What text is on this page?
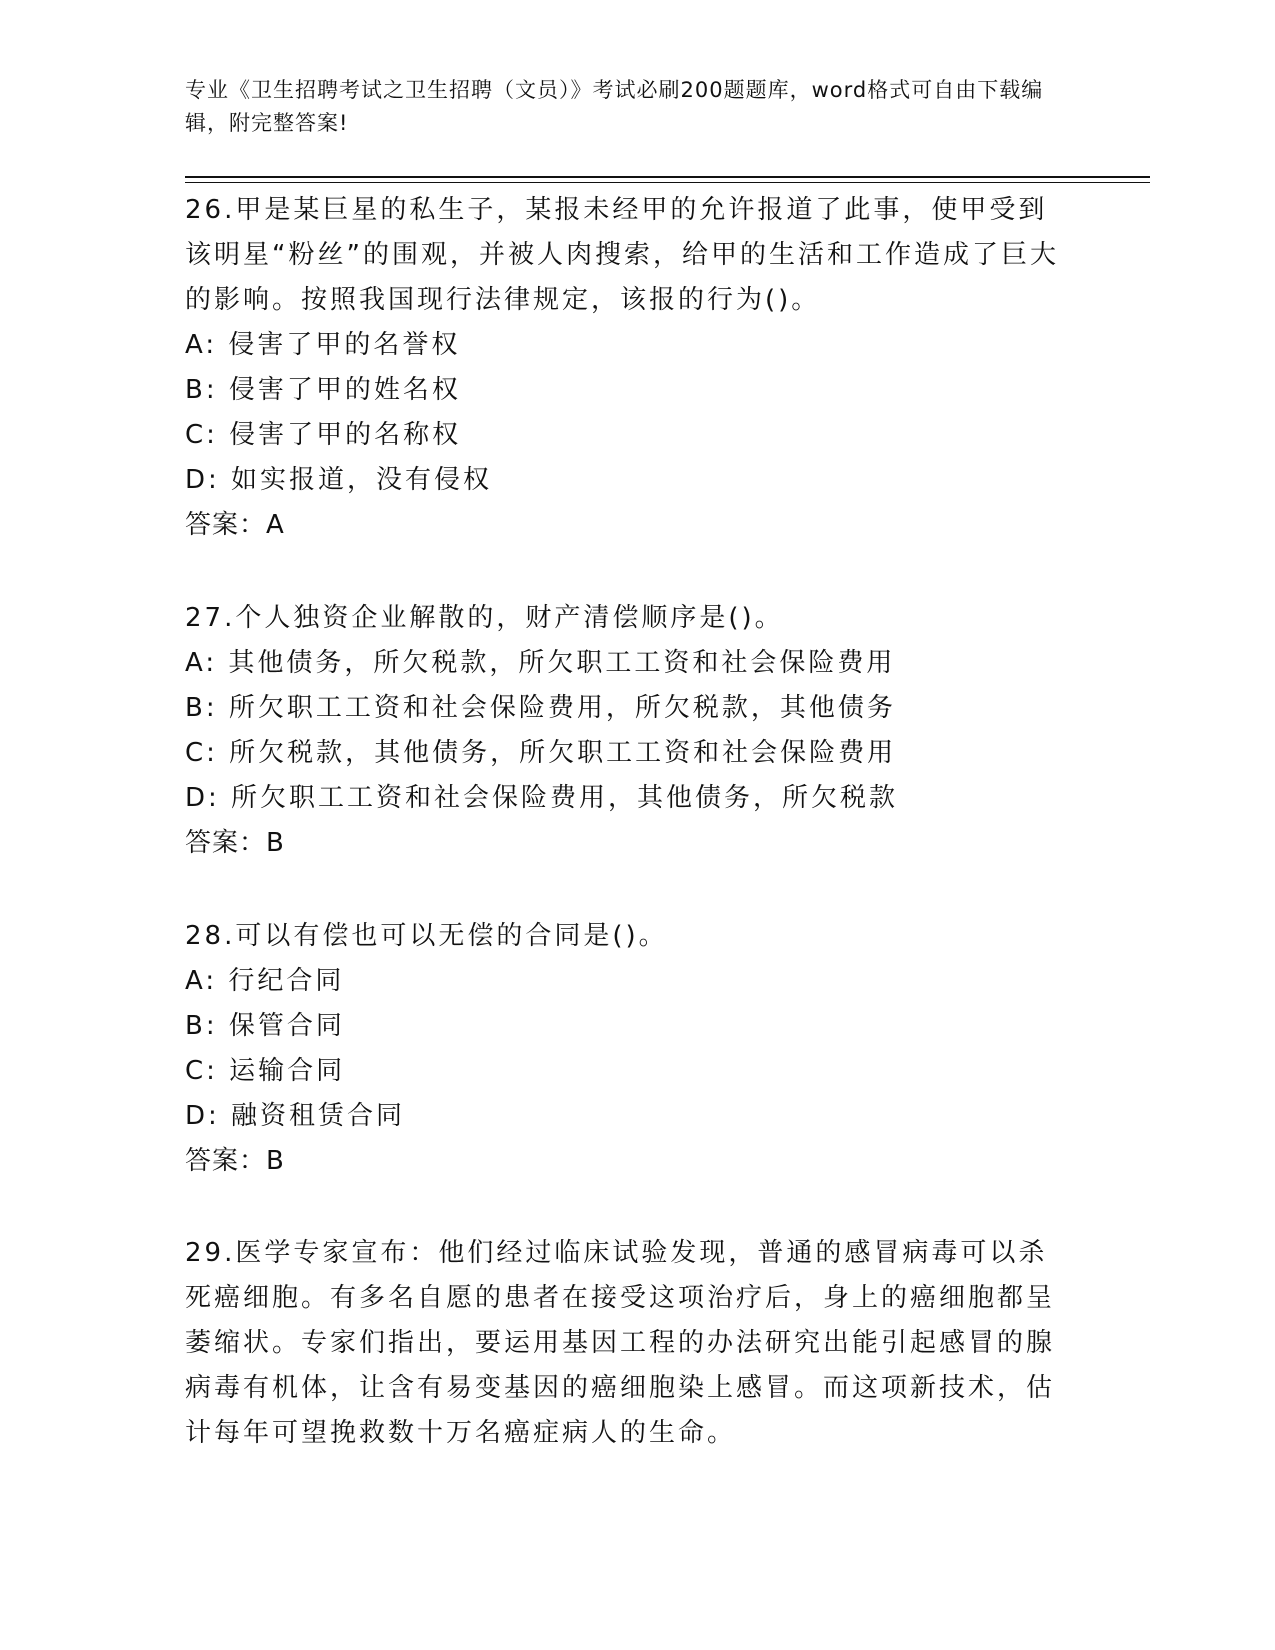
专业《卫生招聘考试之卫生招聘（文员）》考试必刷200题题库，word格式可自由下载编辑，附完整答案!

26.甲是某巨星的私生子，某报未经甲的允许报道了此事，使甲受到该明星“粉丝”的围观，并被人肉搜索，给甲的生活和工作造成了巨大的影响。按照我国现行法律规定，该报的行为()。

A: 侵害了甲的名誉权

B: 侵害了甲的姓名权

C: 侵害了甲的名称权

D: 如实报道，没有侵权

答案：A

27.个人独资企业解散的，财产清偿顺序是()。

A: 其他债务，所欠税款，所欠职工工资和社会保险费用

B: 所欠职工工资和社会保险费用，所欠税款，其他债务

C: 所欠税款，其他债务，所欠职工工资和社会保险费用

D: 所欠职工工资和社会保险费用，其他债务，所欠税款

答案：B

28.可以有偿也可以无偿的合同是()。

A: 行纪合同

B: 保管合同

C: 运输合同

D: 融资租赁合同

答案：B

29.医学专家宣布：他们经过临床试验发现，普通的感冒病毒可以杀死癌细胞。有多名自愿的患者在接受这项治疗后，身上的癌细胞都呈萎缩状。专家们指出，要运用基因工程的办法研究出能引起感冒的腺病毒有机体，让含有易变基因的癌细胞染上感冒。而这项新技术，估计每年可望挽救数十万名癌症病人的生命。
